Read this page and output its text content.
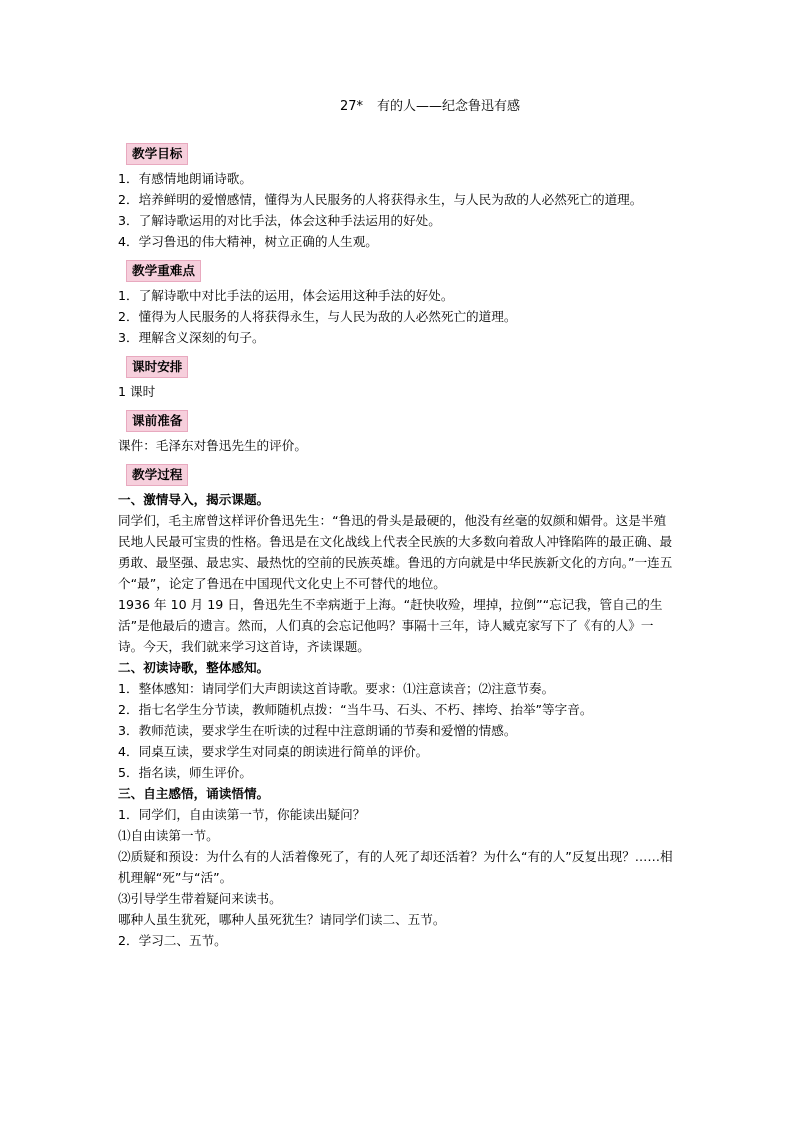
27* 有的人——纪念鲁迅有感
教学目标

1．有感情地朗诵诗歌。

2．培养鲜明的爱憎感情，懂得为人民服务的人将获得永生，与人民为敌的人必然死亡的道理。

3．了解诗歌运用的对比手法，体会这种手法运用的好处。

4．学习鲁迅的伟大精神，树立正确的人生观。

教学重难点

1．了解诗歌中对比手法的运用，体会运用这种手法的好处。

2．懂得为人民服务的人将获得永生，与人民为敌的人必然死亡的道理。

3．理解含义深刻的句子。

课时安排

1 课时

课前准备

课件：毛泽东对鲁迅先生的评价。

教学过程

一、激情导入，揭示课题。

同学们，毛主席曾这样评价鲁迅先生：“鲁迅的骨头是最硬的，他没有丝毫的奴颜和媚骨。这是半殖民地人民最可宝贵的性格。鲁迅是在文化战线上代表全民族的大多数向着敌人冲锋陷阵的最正确、最勇敢、最坚强、最忠实、最热忱的空前的民族英雄。鲁迅的方向就是中华民族新文化的方向。”一连五个“最”，论定了鲁迅在中国现代文化史上不可替代的地位。

1936 年 10 月 19 日，鲁迅先生不幸病逝于上海。“赶快收殓，埋掉，拉倒”“忘记我，管自己的生活”是他最后的遗言。然而，人们真的会忘记他吗？事隔十三年，诗人臧克家写下了《有的人》一诗。今天，我们就来学习这首诗，齐读课题。

二、初读诗歌，整体感知。

1．整体感知：请同学们大声朗读这首诗歌。要求：⑴注意读音；⑵注意节奏。

2．指七名学生分节读，教师随机点拨：“当牛马、石头、不朽、摔垮、抬举”等字音。

3．教师范读，要求学生在听读的过程中注意朗诵的节奏和爱憎的情感。

4．同桌互读，要求学生对同桌的朗读进行简单的评价。

5．指名读，师生评价。

三、自主感悟，诵读悟情。

1．同学们，自由读第一节，你能读出疑问？

⑴自由读第一节。

⑵质疑和预设：为什么有的人活着像死了，有的人死了却还活着？为什么“有的人”反复出现？……相机理解“死”与“活”。

⑶引导学生带着疑问来读书。

哪种人虽生犹死，哪种人虽死犹生？请同学们读二、五节。

2．学习二、五节。
